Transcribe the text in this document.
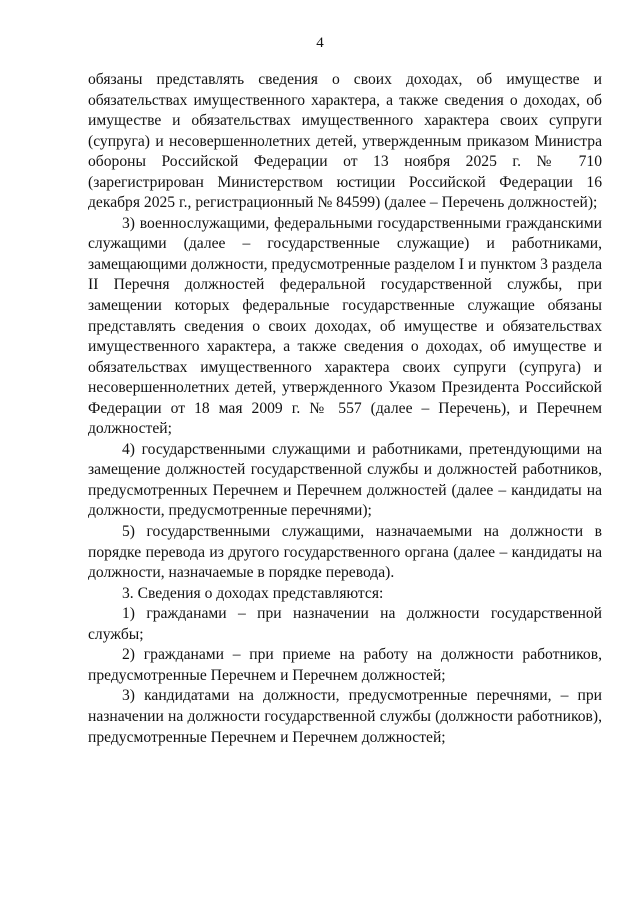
4

обязаны представлять сведения о своих доходах, об имуществе и обязательствах имущественного характера, а также сведения о доходах, об имуществе и обязательствах имущественного характера своих супруги (супруга) и несовершеннолетних детей, утвержденным приказом Министра обороны Российской Федерации от 13 ноября 2025 г. № 710 (зарегистрирован Министерством юстиции Российской Федерации 16 декабря 2025 г., регистрационный № 84599) (далее – Перечень должностей);

3) военнослужащими, федеральными государственными гражданскими служащими (далее – государственные служащие) и работниками, замещающими должности, предусмотренные разделом I и пунктом 3 раздела II Перечня должностей федеральной государственной службы, при замещении которых федеральные государственные служащие обязаны представлять сведения о своих доходах, об имуществе и обязательствах имущественного характера, а также сведения о доходах, об имуществе и обязательствах имущественного характера своих супруги (супруга) и несовершеннолетних детей, утвержденного Указом Президента Российской Федерации от 18 мая 2009 г. № 557 (далее – Перечень), и Перечнем должностей;

4) государственными служащими и работниками, претендующими на замещение должностей государственной службы и должностей работников, предусмотренных Перечнем и Перечнем должностей (далее – кандидаты на должности, предусмотренные перечнями);

5) государственными служащими, назначаемыми на должности в порядке перевода из другого государственного органа (далее – кандидаты на должности, назначаемые в порядке перевода).

3. Сведения о доходах представляются:

1) гражданами – при назначении на должности государственной службы;

2) гражданами – при приеме на работу на должности работников, предусмотренные Перечнем и Перечнем должностей;

3) кандидатами на должности, предусмотренные перечнями, – при назначении на должности государственной службы (должности работников), предусмотренные Перечнем и Перечнем должностей;
